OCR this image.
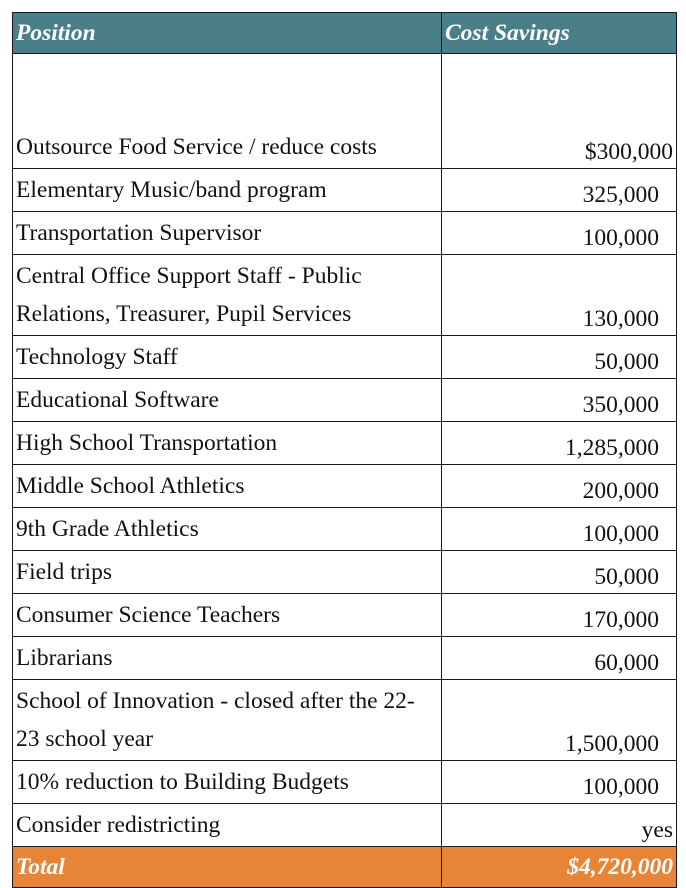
Position	Cost Savings

Outsource Food Service / reduce costs	$300,000
Elementary Music/band program	325,000
Transportation Supervisor	100,000
Central Office Support Staff - Public Relations, Treasurer, Pupil Services	130,000
Technology Staff	50,000
Educational Software	350,000
High School Transportation	1,285,000
Middle School Athletics	200,000
9th Grade Athletics	100,000
Field trips	50,000
Consumer Science Teachers	170,000
Librarians	60,000
School of Innovation - closed after the 22-23 school year	1,500,000
10% reduction to Building Budgets	100,000
Consider redistricting	yes
Total	$4,720,000
